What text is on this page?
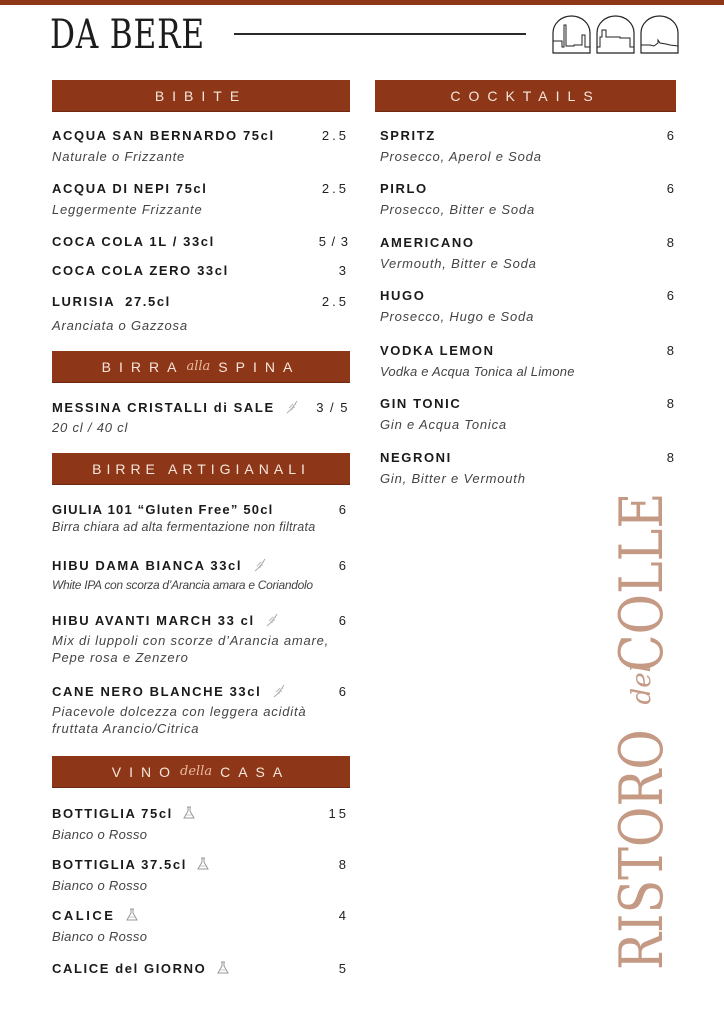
DA BERE
BIBITE
ACQUA SAN BERNARDO 75cl	2.5
Naturale o Frizzante
ACQUA DI NEPI 75cl	2.5
Leggermente Frizzante
COCA COLA 1L / 33cl	5 / 3
COCA COLA ZERO 33cl	3
LURISIA  27.5cl	2.5
Aranciata o Gazzosa
BIRRA alla SPINA
MESSINA CRISTALLI di SALE	3 / 5
20 cl / 40 cl
BIRRE ARTIGIANALI
GIULIA 101 “Gluten Free” 50cl	6
Birra chiara ad alta fermentazione non filtrata
HIBU DAMA BIANCA 33cl	6
White IPA con scorza d’Arancia amara e Coriandolo
HIBU AVANTI MARCH 33 cl	6
Mix di luppoli con scorze d’Arancia amare, Pepe rosa e Zenzero
CANE NERO BLANCHE 33cl	6
Piacevole dolcezza con leggera acidità fruttata Arancio/Citrica
VINO della CASA
BOTTIGLIA 75cl	15
Bianco o Rosso
BOTTIGLIA 37.5cl	8
Bianco o Rosso
CALICE	4
Bianco o Rosso
CALICE del GIORNO	5
COCKTAILS
SPRITZ	6
Prosecco, Aperol e Soda
PIRLO	6
Prosecco, Bitter e Soda
AMERICANO	8
Vermouth, Bitter e Soda
HUGO	6
Prosecco, Hugo e Soda
VODKA LEMON	8
Vodka e Acqua Tonica al Limone
GIN TONIC	8
Gin e Acqua Tonica
NEGRONI	8
Gin, Bitter e Vermouth
RISTORO
del
COLLE
